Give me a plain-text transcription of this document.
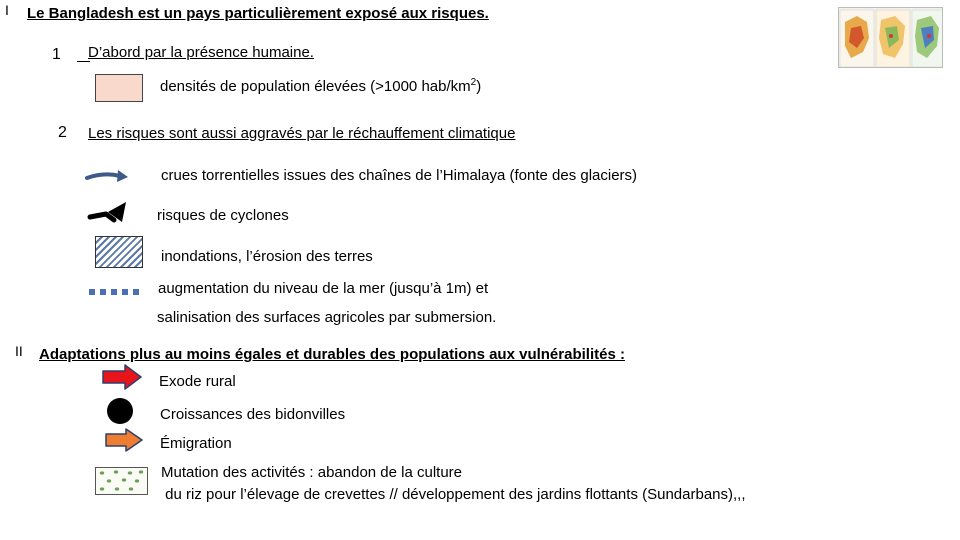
I Le Bangladesh est un pays particulièrement exposé aux risques.
1 D’abord par la présence humaine.
densités de population élevées (>1000 hab/$km^2$)
2 Les risques sont aussi aggravés par le réchauffement climatique
crues torrentielles issues des chaînes de l’Himalaya (fonte des glaciers)
risques de cyclones
inondations, l’érosion des terres
augmentation du niveau de la mer (jusqu’à 1m) et
salinisation des surfaces agricoles par submersion.
II Adaptations plus au moins égales et durables des populations aux vulnérabilités :
Exode rural
Croissances des bidonvilles
Émigration
Mutation des activités : abandon de la culture
du riz pour l’élevage de crevettes // développement des jardins flottants (Sundarbans),,,
